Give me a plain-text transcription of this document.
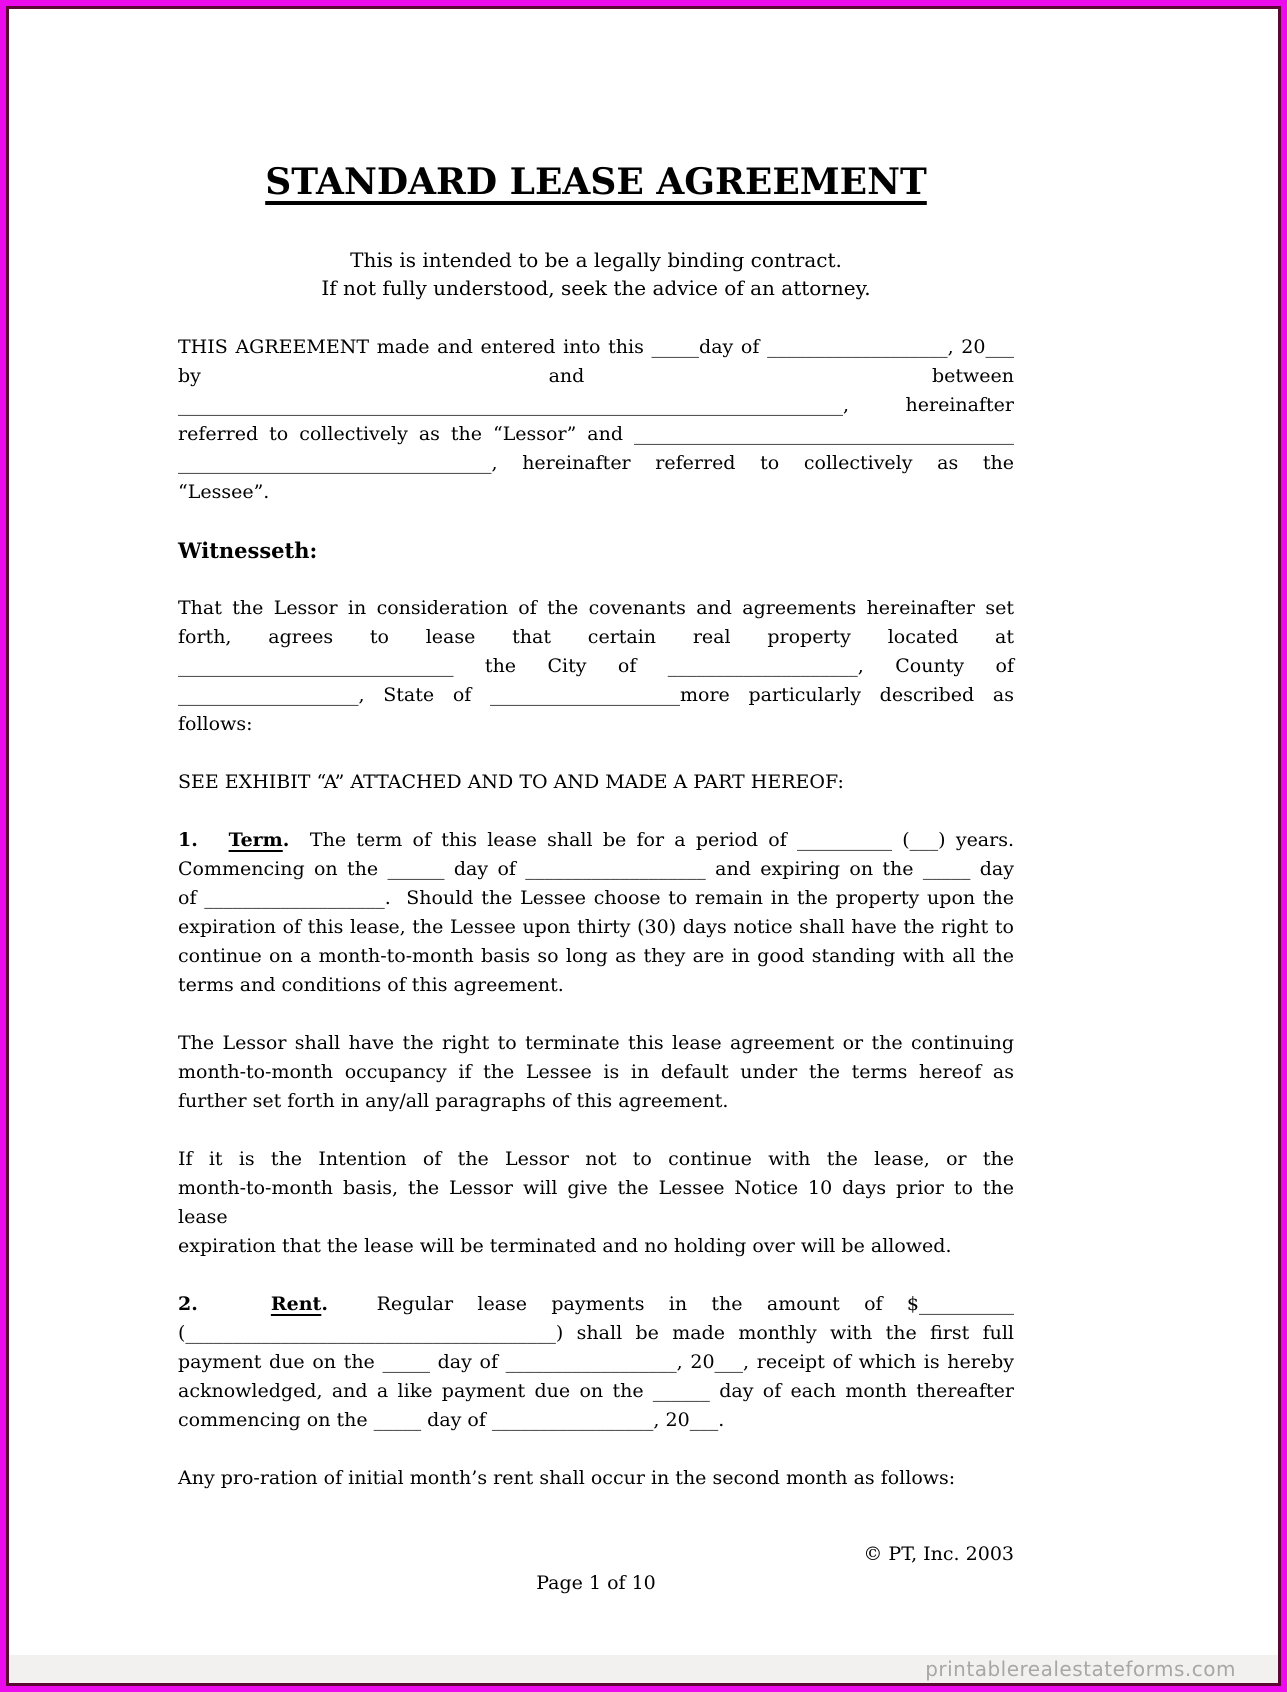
STANDARD LEASE AGREEMENT
This is intended to be a legally binding contract.
If not fully understood, seek the advice of an attorney.
THIS AGREEMENT made and entered into this _____day of ___________________, 20___
by and between
______________________________________________________________________, hereinafter
referred to collectively as the “Lessor” and ________________________________________
_________________________________, hereinafter referred to collectively as the
“Lessee”.
Witnesseth:
That the Lessor in consideration of the covenants and agreements hereinafter set
forth, agrees to lease that certain real property located at
_____________________________ the City of ____________________, County of
___________________, State of ____________________more particularly described as
follows:
SEE EXHIBIT “A” ATTACHED AND TO AND MADE A PART HEREOF:
1. Term.  The term of this lease shall be for a period of __________ (___) years.
Commencing on the ______ day of ___________________ and expiring on the _____ day
of ___________________.  Should the Lessee choose to remain in the property upon the
expiration of this lease, the Lessee upon thirty (30) days notice shall have the right to
continue on a month-to-month basis so long as they are in good standing with all the
terms and conditions of this agreement.
The Lessor shall have the right to terminate this lease agreement or the continuing
month-to-month occupancy if the Lessee is in default under the terms hereof as
further set forth in any/all paragraphs of this agreement.
If it is the Intention of the Lessor not to continue with the lease, or the
month-to-month basis, the Lessor will give the Lessee Notice 10 days prior to the lease
expiration that the lease will be terminated and no holding over will be allowed.
2.	Rent.  Regular lease payments in the amount of $__________
(_______________________________________) shall be made monthly with the first full
payment due on the _____ day of __________________, 20___, receipt of which is hereby
acknowledged, and a like payment due on the ______ day of each month thereafter
commencing on the _____ day of _________________, 20___.
Any pro-ration of initial month’s rent shall occur in the second month as follows:
© PT, Inc. 2003
Page 1 of 10
printablerealestateforms.com
